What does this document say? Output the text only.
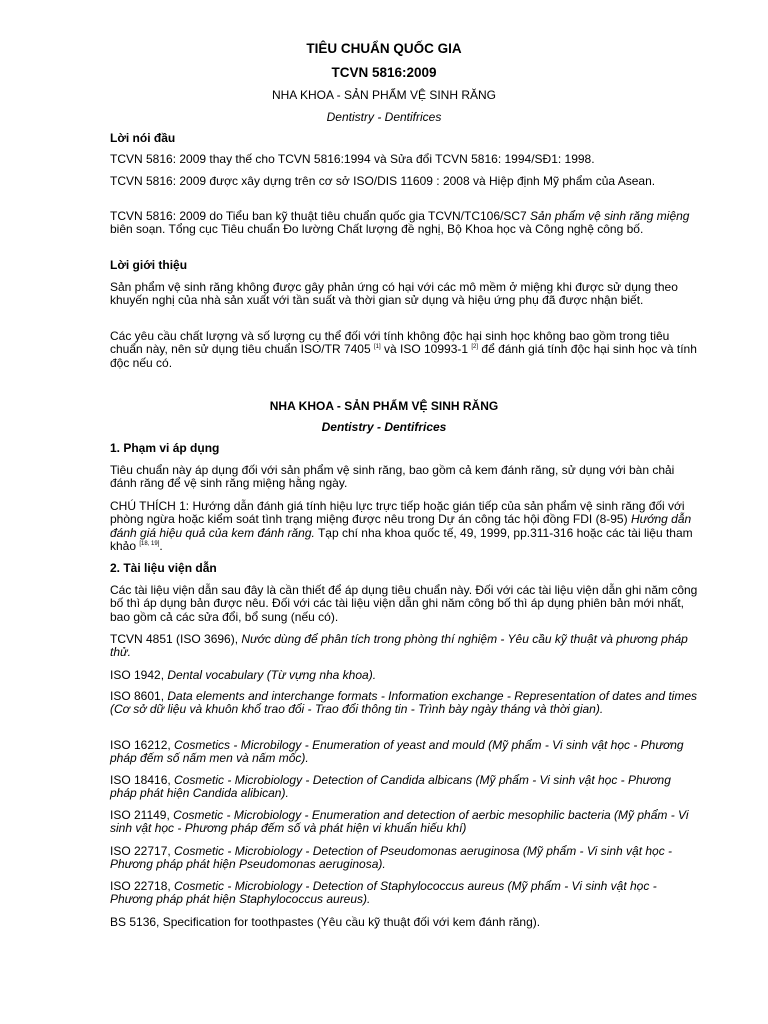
TIÊU CHUẨN QUỐC GIA

TCVN 5816:2009

NHA KHOA - SẢN PHẨM VỆ SINH RĂNG

Dentistry - Dentifrices

Lời nói đầu

TCVN 5816: 2009 thay thế cho TCVN 5816:1994 và Sửa đổi TCVN 5816: 1994/SĐ1: 1998.

TCVN 5816: 2009 được xây dựng trên cơ sở ISO/DIS 11609 : 2008 và Hiệp định Mỹ phẩm của Asean.

TCVN 5816: 2009 do Tiểu ban kỹ thuật tiêu chuẩn quốc gia TCVN/TC106/SC7 Sản phẩm vệ sinh răng miệng biên soạn. Tổng cục Tiêu chuẩn Đo lường Chất lượng đề nghị, Bộ Khoa học và Công nghệ công bố.

Lời giới thiệu

Sản phẩm vệ sinh răng không được gây phản ứng có hại với các mô mềm ở miệng khi được sử dụng theo khuyến nghị của nhà sản xuất với tần suất và thời gian sử dụng và hiệu ứng phụ đã được nhận biết.

Các yêu cầu chất lượng và số lượng cụ thể đối với tính không độc hại sinh học không bao gồm trong tiêu chuẩn này, nên sử dụng tiêu chuẩn ISO/TR 7405 [1] và ISO 10993-1 [2] để đánh giá tính độc hại sinh học và tính độc nếu có.

NHA KHOA - SẢN PHẨM VỆ SINH RĂNG

Dentistry - Dentifrices

1. Phạm vi áp dụng

Tiêu chuẩn này áp dụng đối với sản phẩm vệ sinh răng, bao gồm cả kem đánh răng, sử dụng với bàn chải đánh răng để vệ sinh răng miệng hằng ngày.

CHÚ THÍCH 1: Hướng dẫn đánh giá tính hiệu lực trực tiếp hoặc gián tiếp của sản phẩm vệ sinh răng đối với phòng ngừa hoặc kiểm soát tình trạng miệng được nêu trong Dự án công tác hội đồng FDI (8-95) Hướng dẫn đánh giá hiệu quả của kem đánh răng. Tạp chí nha khoa quốc tế, 49, 1999, pp.311-316 hoặc các tài liệu tham khảo [18, 19].

2. Tài liệu viện dẫn

Các tài liệu viện dẫn sau đây là cần thiết để áp dụng tiêu chuẩn này. Đối với các tài liệu viện dẫn ghi năm công bố thì áp dụng bản được nêu. Đối với các tài liệu viện dẫn ghi năm công bố thì áp dụng phiên bản mới nhất, bao gồm cả các sửa đổi, bổ sung (nếu có).

TCVN 4851 (ISO 3696), Nước dùng để phân tích trong phòng thí nghiệm - Yêu cầu kỹ thuật và phương pháp thử.

ISO 1942, Dental vocabulary (Từ vựng nha khoa).

ISO 8601, Data elements and interchange formats - Information exchange - Representation of dates and times (Cơ sở dữ liệu và khuôn khổ trao đổi - Trao đổi thông tin - Trình bày ngày tháng và thời gian).

ISO 16212, Cosmetics - Microbilogy - Enumeration of yeast and mould (Mỹ phẩm - Vi sinh vật học - Phương pháp đếm số nấm men và nấm mốc).

ISO 18416, Cosmetic - Microbiology - Detection of Candida albicans (Mỹ phẩm - Vi sinh vật học - Phương pháp phát hiện Candida alibican).

ISO 21149, Cosmetic - Microbiology - Enumeration and detection of aerbic mesophilic bacteria (Mỹ phẩm - Vi sinh vật học - Phương pháp đếm số và phát hiện vi khuẩn hiếu khí)

ISO 22717, Cosmetic - Microbiology - Detection of Pseudomonas aeruginosa (Mỹ phẩm - Vi sinh vật học - Phương pháp phát hiện Pseudomonas aeruginosa).

ISO 22718, Cosmetic - Microbiology - Detection of Staphylococcus aureus (Mỹ phẩm - Vi sinh vật học - Phương pháp phát hiện Staphylococcus aureus).

BS 5136, Specification for toothpastes (Yêu cầu kỹ thuật đối với kem đánh răng).
